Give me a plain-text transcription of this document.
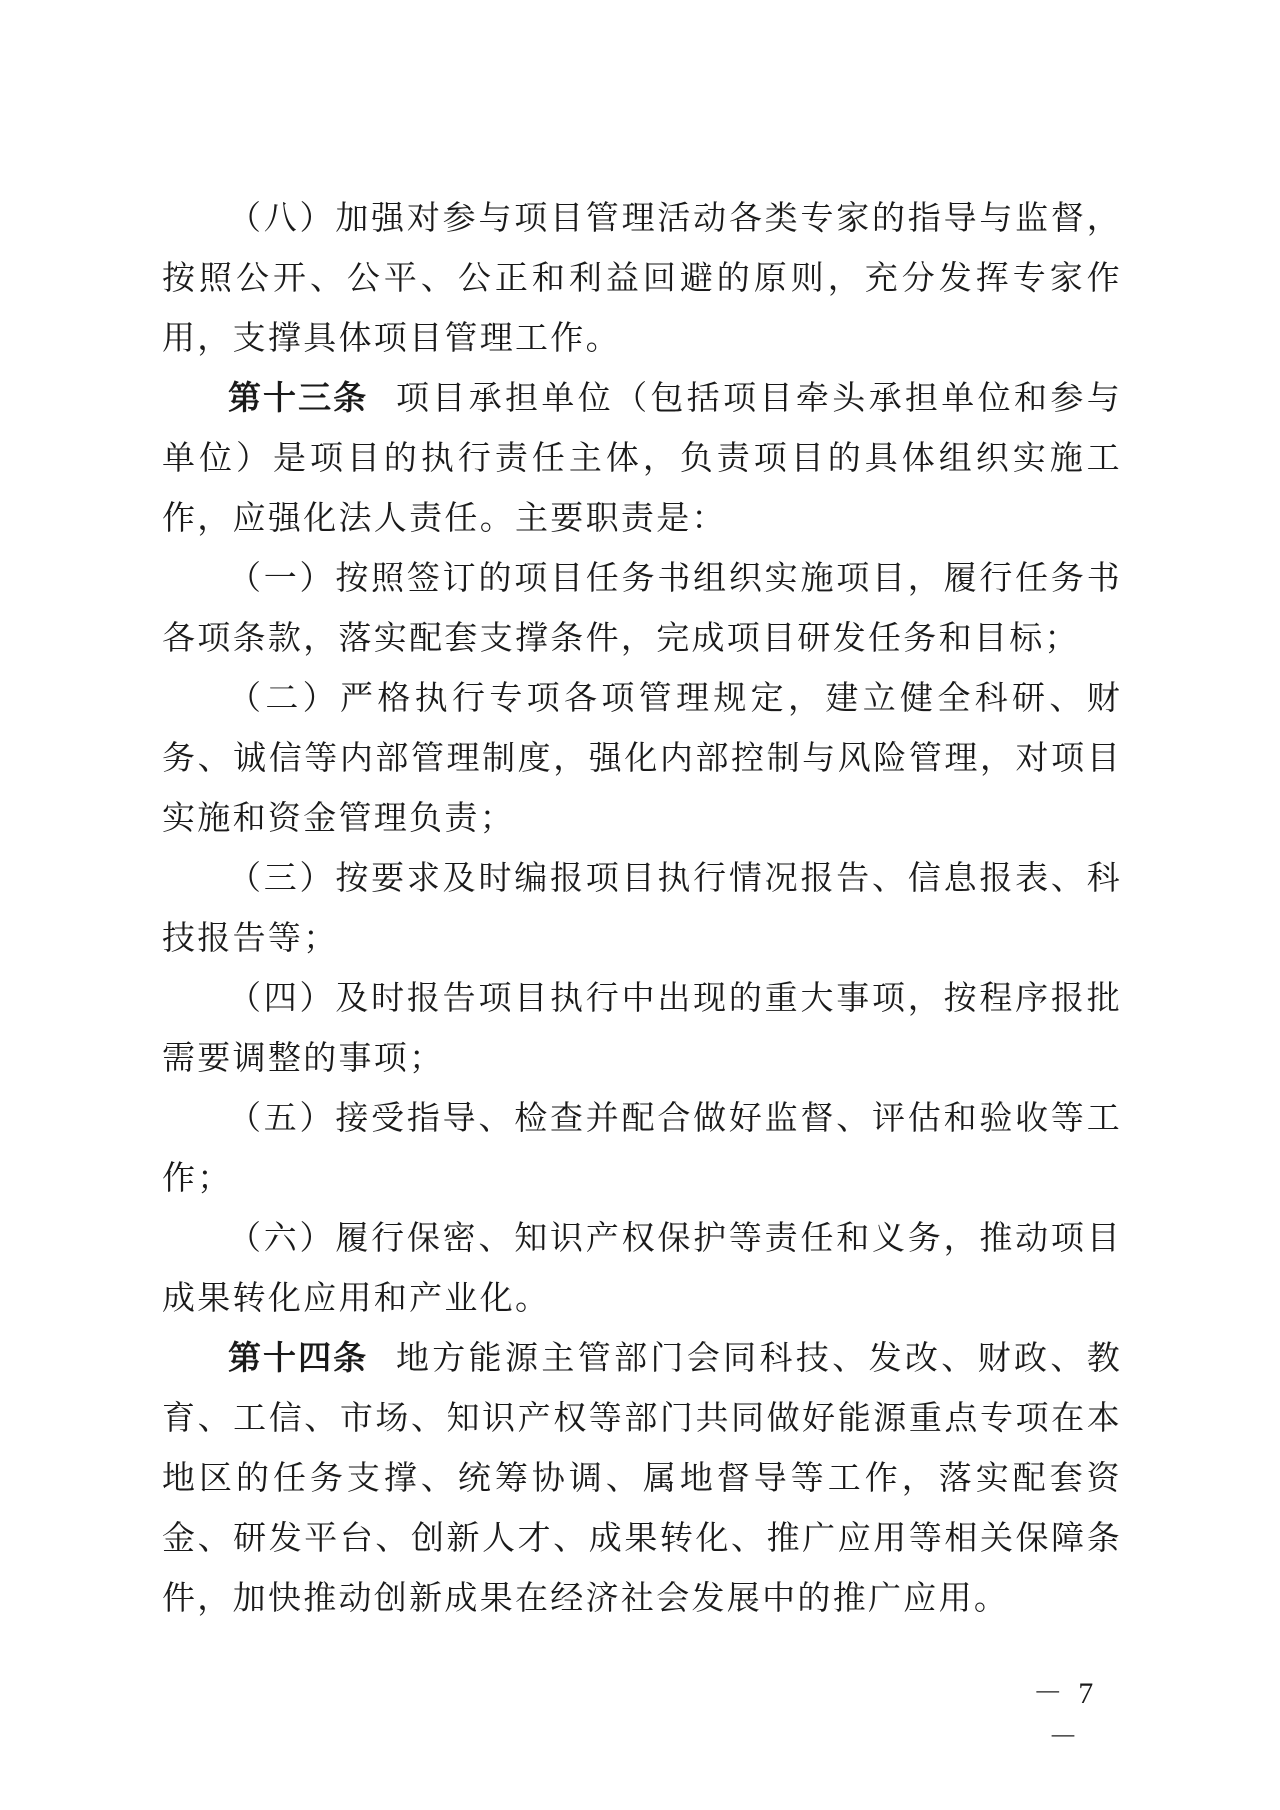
（八）加强对参与项目管理活动各类专家的指导与监督，按照公开、公平、公正和利益回避的原则，充分发挥专家作用，支撑具体项目管理工作。

第十三条 项目承担单位（包括项目牵头承担单位和参与单位）是项目的执行责任主体，负责项目的具体组织实施工作，应强化法人责任。主要职责是：

（一）按照签订的项目任务书组织实施项目，履行任务书各项条款，落实配套支撑条件，完成项目研发任务和目标；

（二）严格执行专项各项管理规定，建立健全科研、财务、诚信等内部管理制度，强化内部控制与风险管理，对项目实施和资金管理负责；

（三）按要求及时编报项目执行情况报告、信息报表、科技报告等；

（四）及时报告项目执行中出现的重大事项，按程序报批需要调整的事项；

（五）接受指导、检查并配合做好监督、评估和验收等工作；

（六）履行保密、知识产权保护等责任和义务，推动项目成果转化应用和产业化。

第十四条 地方能源主管部门会同科技、发改、财政、教育、工信、市场、知识产权等部门共同做好能源重点专项在本地区的任务支撑、统筹协调、属地督导等工作，落实配套资金、研发平台、创新人才、成果转化、推广应用等相关保障条件，加快推动创新成果在经济社会发展中的推广应用。

－ 7 －
